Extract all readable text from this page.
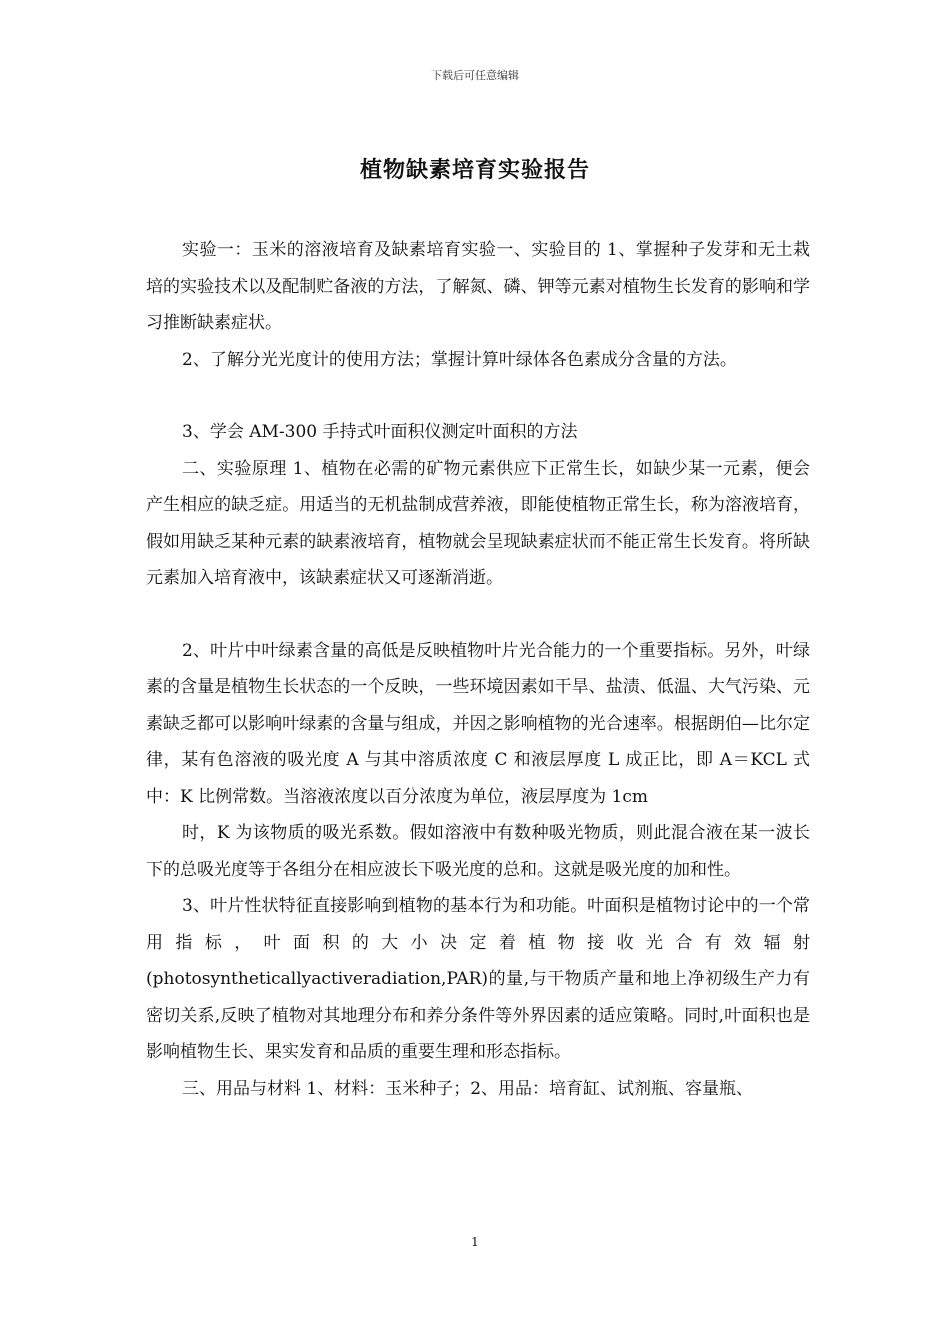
下载后可任意编辑
植物缺素培育实验报告

实验一：玉米的溶液培育及缺素培育实验一、实验目的 1、掌握种子发芽和无土栽培的实验技术以及配制贮备液的方法，了解氮、磷、钾等元素对植物生长发育的影响和学习推断缺素症状。

2、了解分光光度计的使用方法；掌握计算叶绿体各色素成分含量的方法。

3、学会 AM-300 手持式叶面积仪测定叶面积的方法

二、实验原理 1、植物在必需的矿物元素供应下正常生长，如缺少某一元素，便会产生相应的缺乏症。用适当的无机盐制成营养液，即能使植物正常生长，称为溶液培育，假如用缺乏某种元素的缺素液培育，植物就会呈现缺素症状而不能正常生长发育。将所缺元素加入培育液中，该缺素症状又可逐渐消逝。

2、叶片中叶绿素含量的高低是反映植物叶片光合能力的一个重要指标。另外，叶绿素的含量是植物生长状态的一个反映，一些环境因素如干旱、盐渍、低温、大气污染、元素缺乏都可以影响叶绿素的含量与组成，并因之影响植物的光合速率。根据朗伯—比尔定律，某有色溶液的吸光度 A 与其中溶质浓度 C 和液层厚度 L 成正比，即 A＝KCL 式中：K 比例常数。当溶液浓度以百分浓度为单位，液层厚度为 1cm

时，K 为该物质的吸光系数。假如溶液中有数种吸光物质，则此混合液在某一波长下的总吸光度等于各组分在相应波长下吸光度的总和。这就是吸光度的加和性。

3、叶片性状特征直接影响到植物的基本行为和功能。叶面积是植物讨论中的一个常用指标，叶面积的大小决定着植物接收光合有效辐射(photosyntheticallyactiveradiation,PAR)的量,与干物质产量和地上净初级生产力有密切关系,反映了植物对其地理分布和养分条件等外界因素的适应策略。同时,叶面积也是影响植物生长、果实发育和品质的重要生理和形态指标。

三、用品与材料 1、材料：玉米种子；2、用品：培育缸、试剂瓶、容量瓶、

1
